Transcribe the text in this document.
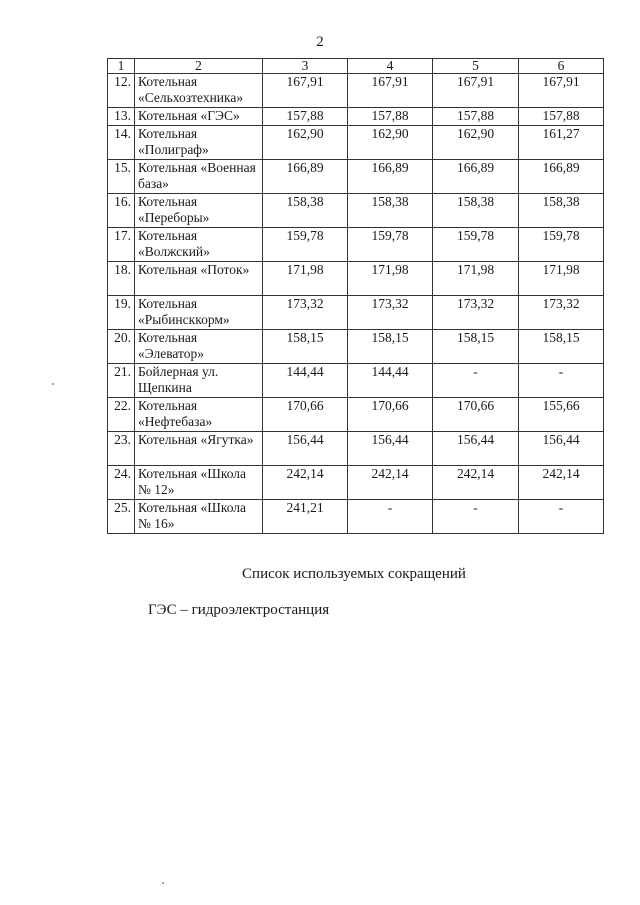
2
1	2	3	4	5	6
12.	Котельная «Сельхозтехника»	167,91	167,91	167,91	167,91
13.	Котельная «ГЭС»	157,88	157,88	157,88	157,88
14.	Котельная «Полиграф»	162,90	162,90	162,90	161,27
15.	Котельная «Военная база»	166,89	166,89	166,89	166,89
16.	Котельная «Переборы»	158,38	158,38	158,38	158,38
17.	Котельная «Волжский»	159,78	159,78	159,78	159,78
18.	Котельная «Поток»	171,98	171,98	171,98	171,98
19.	Котельная «Рыбинсккорм»	173,32	173,32	173,32	173,32
20.	Котельная «Элеватор»	158,15	158,15	158,15	158,15
21.	Бойлерная ул. Щепкина	144,44	144,44	-	-
22.	Котельная «Нефтебаза»	170,66	170,66	170,66	155,66
23.	Котельная «Ягутка»	156,44	156,44	156,44	156,44
24.	Котельная «Школа № 12»	242,14	242,14	242,14	242,14
25.	Котельная «Школа № 16»	241,21	-	-	-
Список используемых сокращений
ГЭС – гидроэлектростанция
